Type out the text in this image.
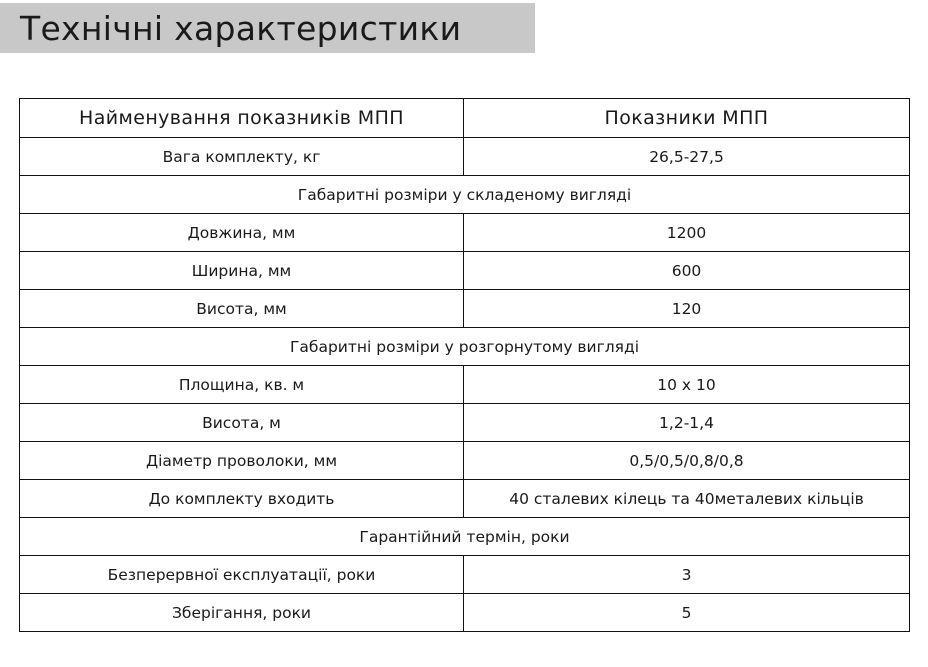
Технічні характеристики
Найменування показників МПП	Показники МПП
Вага комплекту, кг	26,5-27,5
Габаритні розміри у складеному вигляді	
Довжина, мм	1200
Ширина, мм	600
Висота, мм	120
Габаритні розміри у розгорнутому вигляді	
Площина, кв. м	10 х 10
Висота, м	1,2-1,4
Діаметр проволоки, мм	0,5/0,5/0,8/0,8
До комплекту входить	40 сталевих кілець та 40металевих кільців
Гарантійний термін, роки	
Безперервної експлуатації, роки	3
Зберігання, роки	5
